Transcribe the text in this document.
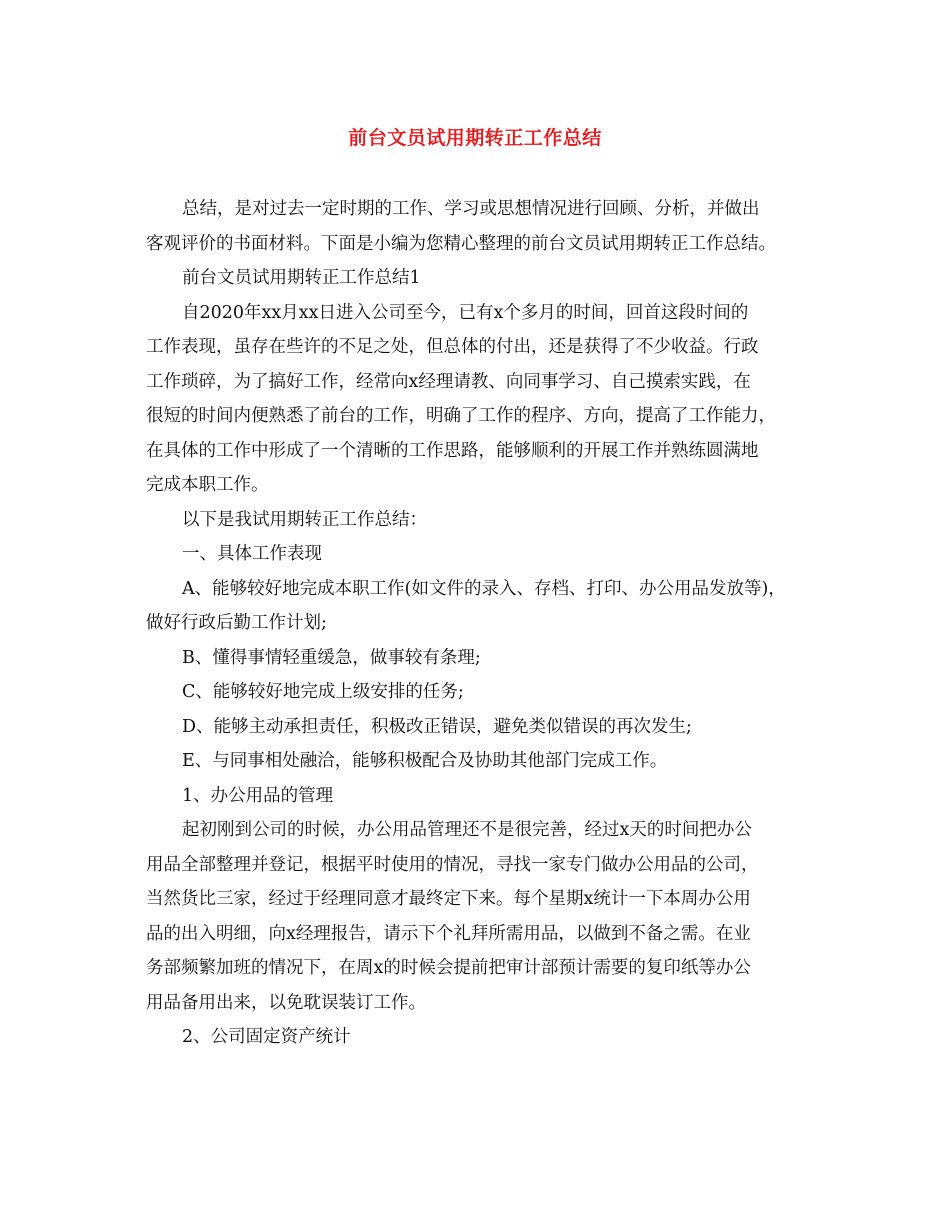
前台文员试用期转正工作总结
总结，是对过去一定时期的工作、学习或思想情况进行回顾、分析，并做出
客观评价的书面材料。下面是小编为您精心整理的前台文员试用期转正工作总结。
前台文员试用期转正工作总结1
自2020年xx月xx日进入公司至今，已有x个多月的时间，回首这段时间的
工作表现，虽存在些许的不足之处，但总体的付出，还是获得了不少收益。行政
工作琐碎，为了搞好工作，经常向x经理请教、向同事学习、自己摸索实践，在
很短的时间内便熟悉了前台的工作，明确了工作的程序、方向，提高了工作能力，
在具体的工作中形成了一个清晰的工作思路，能够顺利的开展工作并熟练圆满地
完成本职工作。
以下是我试用期转正工作总结：
一、具体工作表现
A、能够较好地完成本职工作(如文件的录入、存档、打印、办公用品发放等)，
做好行政后勤工作计划;
B、懂得事情轻重缓急，做事较有条理;
C、能够较好地完成上级安排的任务;
D、能够主动承担责任，积极改正错误，避免类似错误的再次发生;
E、与同事相处融洽，能够积极配合及协助其他部门完成工作。
1、办公用品的管理
起初刚到公司的时候，办公用品管理还不是很完善，经过x天的时间把办公
用品全部整理并登记，根据平时使用的情况，寻找一家专门做办公用品的公司，
当然货比三家，经过于经理同意才最终定下来。每个星期x统计一下本周办公用
品的出入明细，向x经理报告，请示下个礼拜所需用品，以做到不备之需。在业
务部频繁加班的情况下，在周x的时候会提前把审计部预计需要的复印纸等办公
用品备用出来，以免耽误装订工作。
2、公司固定资产统计
